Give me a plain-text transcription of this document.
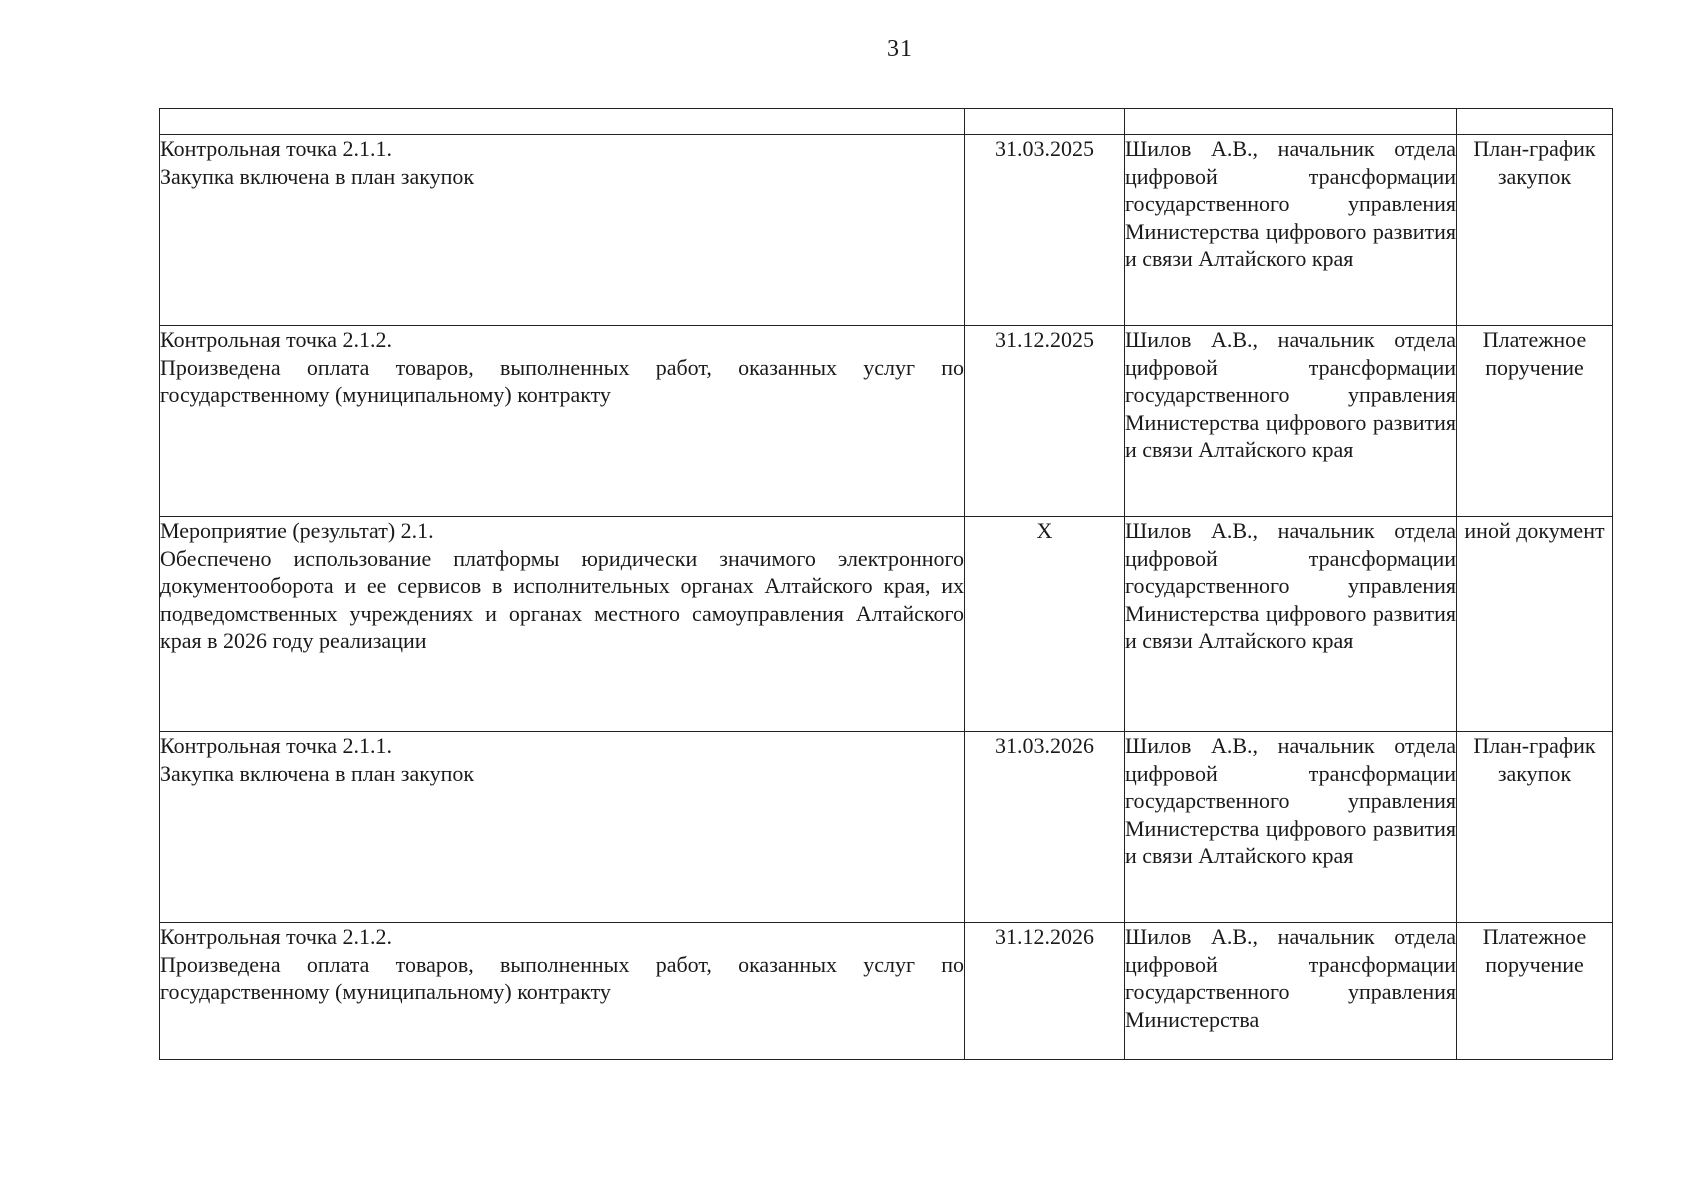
31

Контрольная точка 2.1.1.
Закупка включена в план закупок	31.03.2025	Шилов А.В., начальник отдела цифровой трансформации государственного управления Министерства цифрового развития и связи Алтайского края	План-график закупок

Контрольная точка 2.1.2.
Произведена оплата товаров, выполненных работ, оказанных услуг по государственному (муниципальному) контракту	31.12.2025	Шилов А.В., начальник отдела цифровой трансформации государственного управления Министерства цифрового развития и связи Алтайского края	Платежное поручение

Мероприятие (результат) 2.1.
Обеспечено использование платформы юридически значимого электронного документооборота и ее сервисов в исполнительных органах Алтайского края, их подведомственных учреждениях и органах местного самоуправления Алтайского края в 2026 году реализации	X	Шилов А.В., начальник отдела цифровой трансформации государственного управления Министерства цифрового развития и связи Алтайского края	иной документ

Контрольная точка 2.1.1.
Закупка включена в план закупок	31.03.2026	Шилов А.В., начальник отдела цифровой трансформации государственного управления Министерства цифрового развития и связи Алтайского края	План-график закупок

Контрольная точка 2.1.2.
Произведена оплата товаров, выполненных работ, оказанных услуг по государственному (муниципальному) контракту	31.12.2026	Шилов А.В., начальник отдела цифровой трансформации государственного управления Министерства	Платежное поручение
